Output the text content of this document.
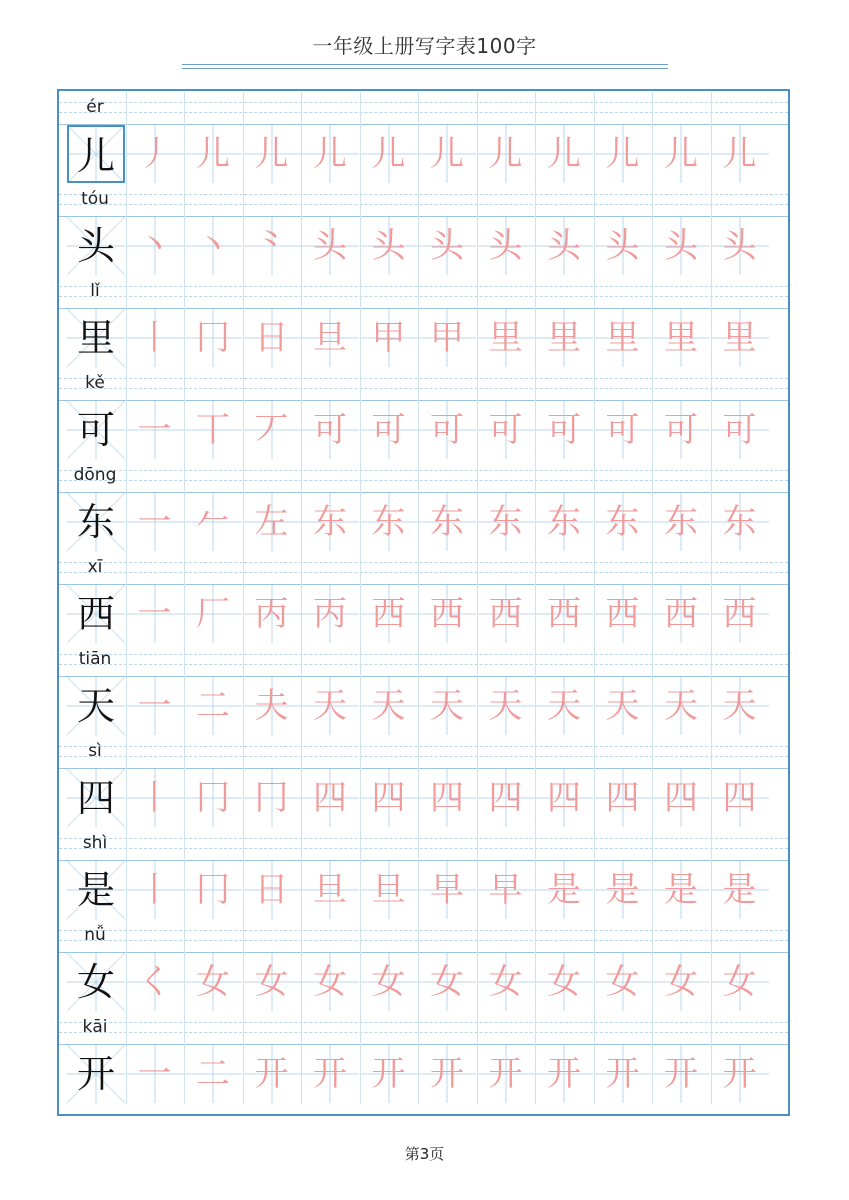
一年级上册写字表100字
ér
儿 丿 儿 儿 儿 儿 儿 儿 儿 儿 儿 儿
tóu
头 丶 丶 ⺀ 头 头 头 头 头 头 头 头
lǐ
里 丨 冂 日 旦 甲 甲 里 里 里 里 里
kě
可 一 丅 丆 可 可 可 可 可 可 可 可
dōng
东 一 𠂉 左 东 东 东 东 东 东 东 东
xī
西 一 厂 丙 丙 西 西 西 西 西 西 西
tiān
天 一 二 夫 天 天 天 天 天 天 天 天
sì
四 丨 冂 冂 四 四 四 四 四 四 四 四
shì
是 丨 冂 日 旦 旦 早 早 是 是 是 是
nǚ
女 く 女 女 女 女 女 女 女 女 女 女
kāi
开 一 二 开 开 开 开 开 开 开 开 开
第3页
